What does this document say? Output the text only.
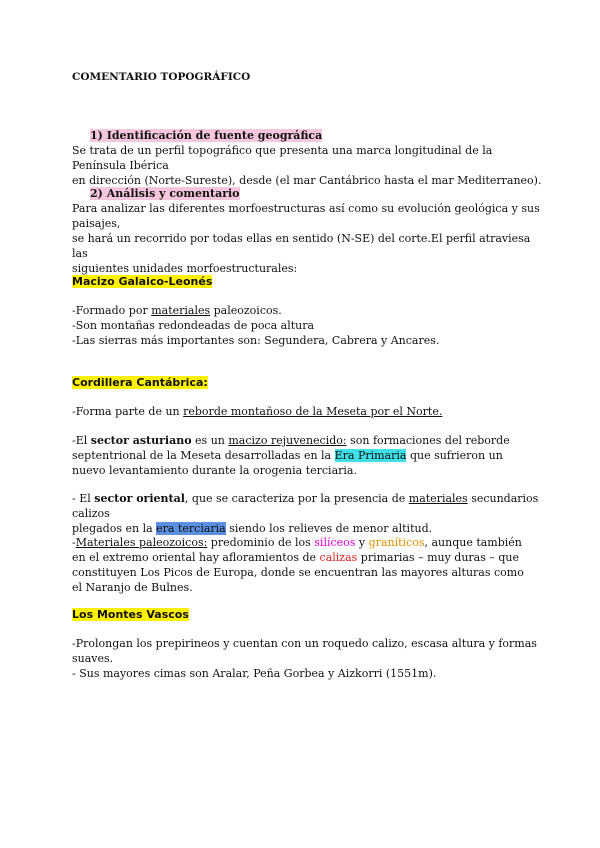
COMENTARIO TOPOGRÁFICO
1) Identificación de fuente geográfica

Se trata de un perfil topográfico que presenta una marca longitudinal de la Península Ibérica

en dirección (Norte-Sureste), desde (el mar Cantábrico hasta el mar Mediterraneo).

2) Análisis y comentario

Para analizar las diferentes morfoestructuras así como su evolución geológica y sus paisajes,

se hará un recorrido por todas ellas en sentido (N-SE) del corte.El perfil atraviesa las

siguientes unidades morfoestructurales:

Macizo Galaico-Leonés

-Formado por materiales paleozoicos.

-Son montañas redondeadas de poca altura

-Las sierras más importantes son: Segundera, Cabrera y Ancares.

Cordillera Cantábrica:

-Forma parte de un reborde montañoso de la Meseta por el Norte.

-El sector asturiano es un macizo rejuvenecido: son formaciones del reborde

septentrional de la Meseta desarrolladas en la Era Primaria que sufrieron un

nuevo levantamiento durante la orogenia terciaria.

- El sector oriental, que se caracteriza por la presencia de materiales secundarios calizos

plegados en la era terciaria siendo los relieves de menor altitud.

-Materiales paleozoicos: predominio de los silíceos y graníticos, aunque también

en el extremo oriental hay afloramientos de calizas primarias – muy duras – que

constituyen Los Picos de Europa, donde se encuentran las mayores alturas como

el Naranjo de Bulnes.

Los Montes Vascos

-Prolongan los prepirineos y cuentan con un roquedo calizo, escasa altura y formas suaves.

- Sus mayores cimas son Aralar, Peña Gorbea y Aizkorri (1551m).
